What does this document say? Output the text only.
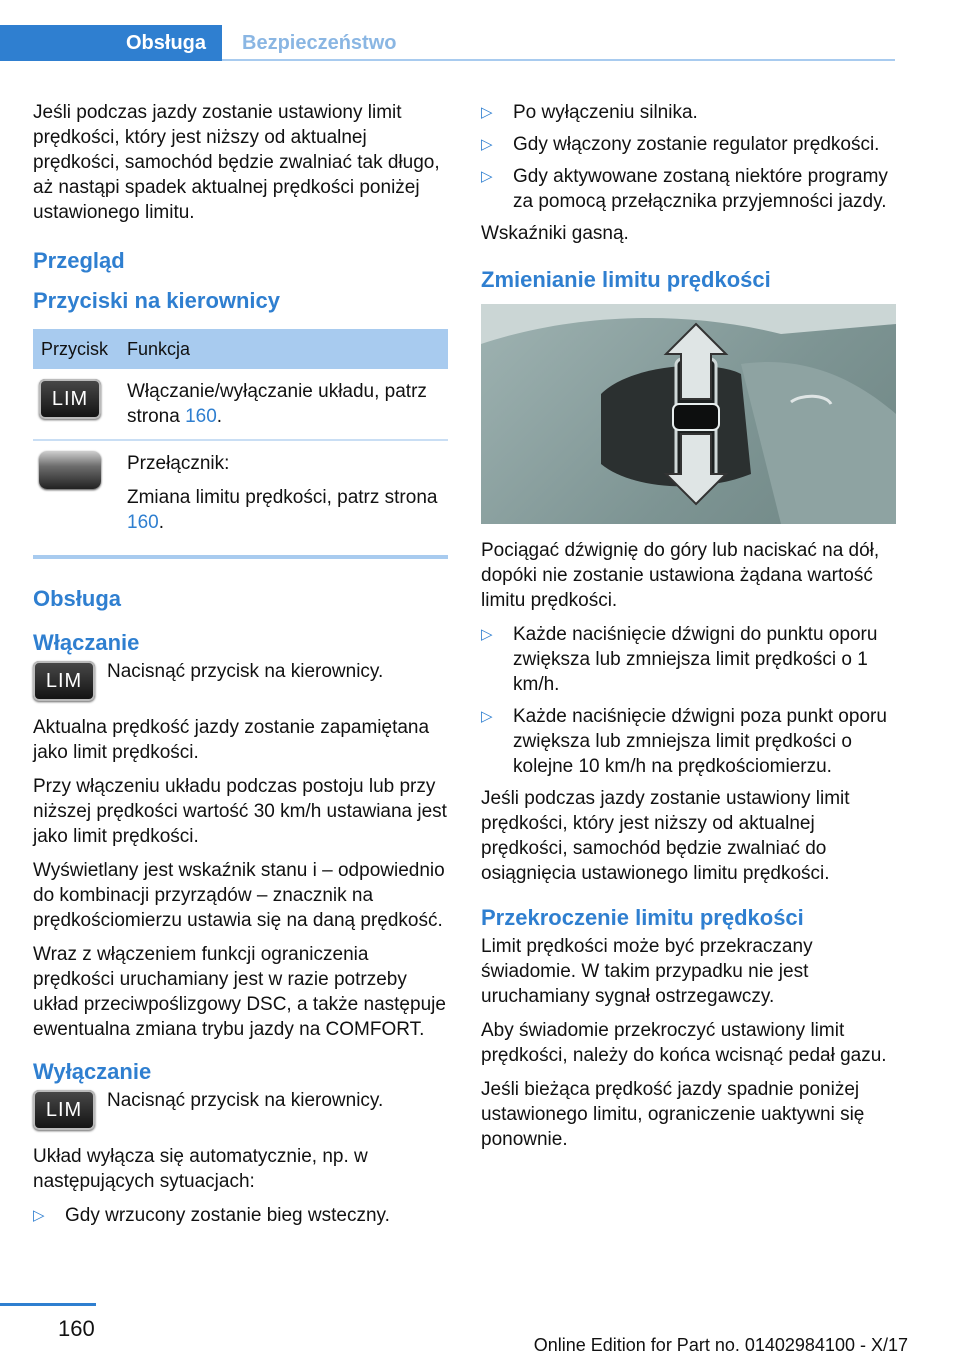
Obsługa Bezpieczeństwo

Jeśli podczas jazdy zostanie ustawiony limit prędkości, który jest niższy od aktualnej prędkości, samochód będzie zwalniać tak długo, aż nastąpi spadek aktualnej prędkości poniżej ustawionego limitu.

Przegląd
Przyciski na kierownicy
Przycisk	Funkcja
LIM Włączanie/wyłączanie układu, patrz strona 160.

Przełącznik:

Zmiana limitu prędkości, patrz strona 160.
Obsługa
Włączanie
LIM Nacisnąć przycisk na kierownicy.

Aktualna prędkość jazdy zostanie zapamiętana jako limit prędkości.

Przy włączeniu układu podczas postoju lub przy niższej prędkości wartość 30 km/h ustawiana jest jako limit prędkości.

Wyświetlany jest wskaźnik stanu i – odpowiednio do kombinacji przyrządów – znacznik na prędkościomierzu ustawia się na daną prędkość.

Wraz z włączeniem funkcji ograniczenia prędkości uruchamiany jest w razie potrzeby układ przeciwpoślizgowy DSC, a także następuje ewentualna zmiana trybu jazdy na COMFORT.

Wyłączanie
LIM Nacisnąć przycisk na kierownicy.

Układ wyłącza się automatycznie, np. w następujących sytuacjach:

▷	Gdy wrzucony zostanie bieg wsteczny.
▷	Po wyłączeniu silnika.
▷	Gdy włączony zostanie regulator prędkości.
▷	Gdy aktywowane zostaną niektóre programy za pomocą przełącznika przyjemności jazdy.

Wskaźniki gasną.

Zmienianie limitu prędkości

Pociągać dźwignię do góry lub naciskać na dół, dopóki nie zostanie ustawiona żądana wartość limitu prędkości.

▷	Każde naciśnięcie dźwigni do punktu oporu zwiększa lub zmniejsza limit prędkości o 1 km/h.
▷	Każde naciśnięcie dźwigni poza punkt oporu zwiększa lub zmniejsza limit prędkości o kolejne 10 km/h na prędkościomierzu.

Jeśli podczas jazdy zostanie ustawiony limit prędkości, który jest niższy od aktualnej prędkości, samochód będzie zwalniać do osiągnięcia ustawionego limitu prędkości.

Przekroczenie limitu prędkości

Limit prędkości może być przekraczany świadomie. W takim przypadku nie jest uruchamiany sygnał ostrzegawczy.

Aby świadomie przekroczyć ustawiony limit prędkości, należy do końca wcisnąć pedał gazu.

Jeśli bieżąca prędkość jazdy spadnie poniżej ustawionego limitu, ograniczenie uaktywni się ponownie.

160
Online Edition for Part no. 01402984100 - X/17
